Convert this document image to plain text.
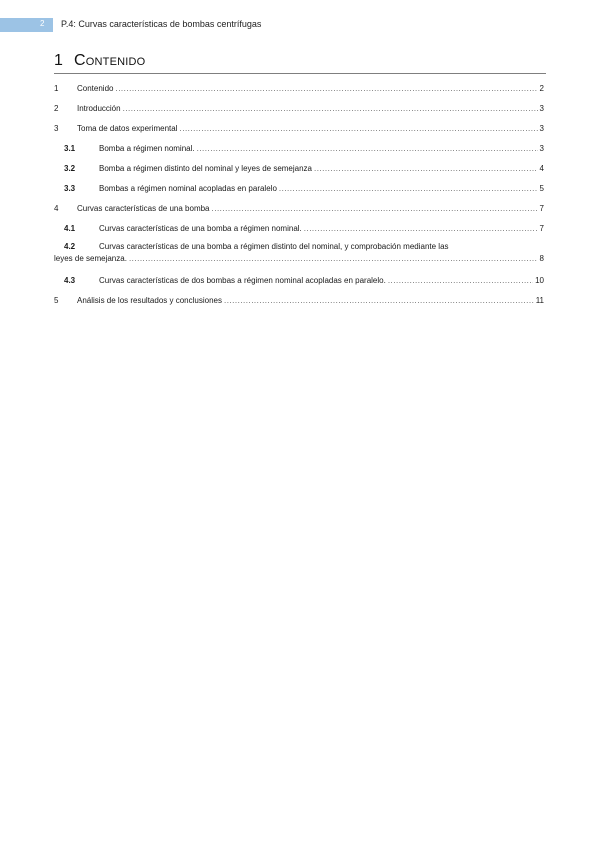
2 P.4: Curvas características de bombas centrífugas
1 Contenido
1 Contenido .....	2
2 Introducción .....	3
3 Toma de datos experimental .....	3
3.1	Bomba a régimen nominal. .....	3
3.2	Bomba a régimen distinto del nominal y leyes de semejanza .....	4
3.3	Bombas a régimen nominal acopladas en paralelo .....	5
4 Curvas características de una bomba .....	7
4.1	Curvas características de una bomba a régimen nominal. .....	7
4.2	Curvas características de una bomba a régimen distinto del nominal, y comprobación mediante las
leyes de semejanza. .....	8
4.3	Curvas características de dos bombas a régimen nominal acopladas en paralelo. .....	10
5 Análisis de los resultados y conclusiones .....	11
